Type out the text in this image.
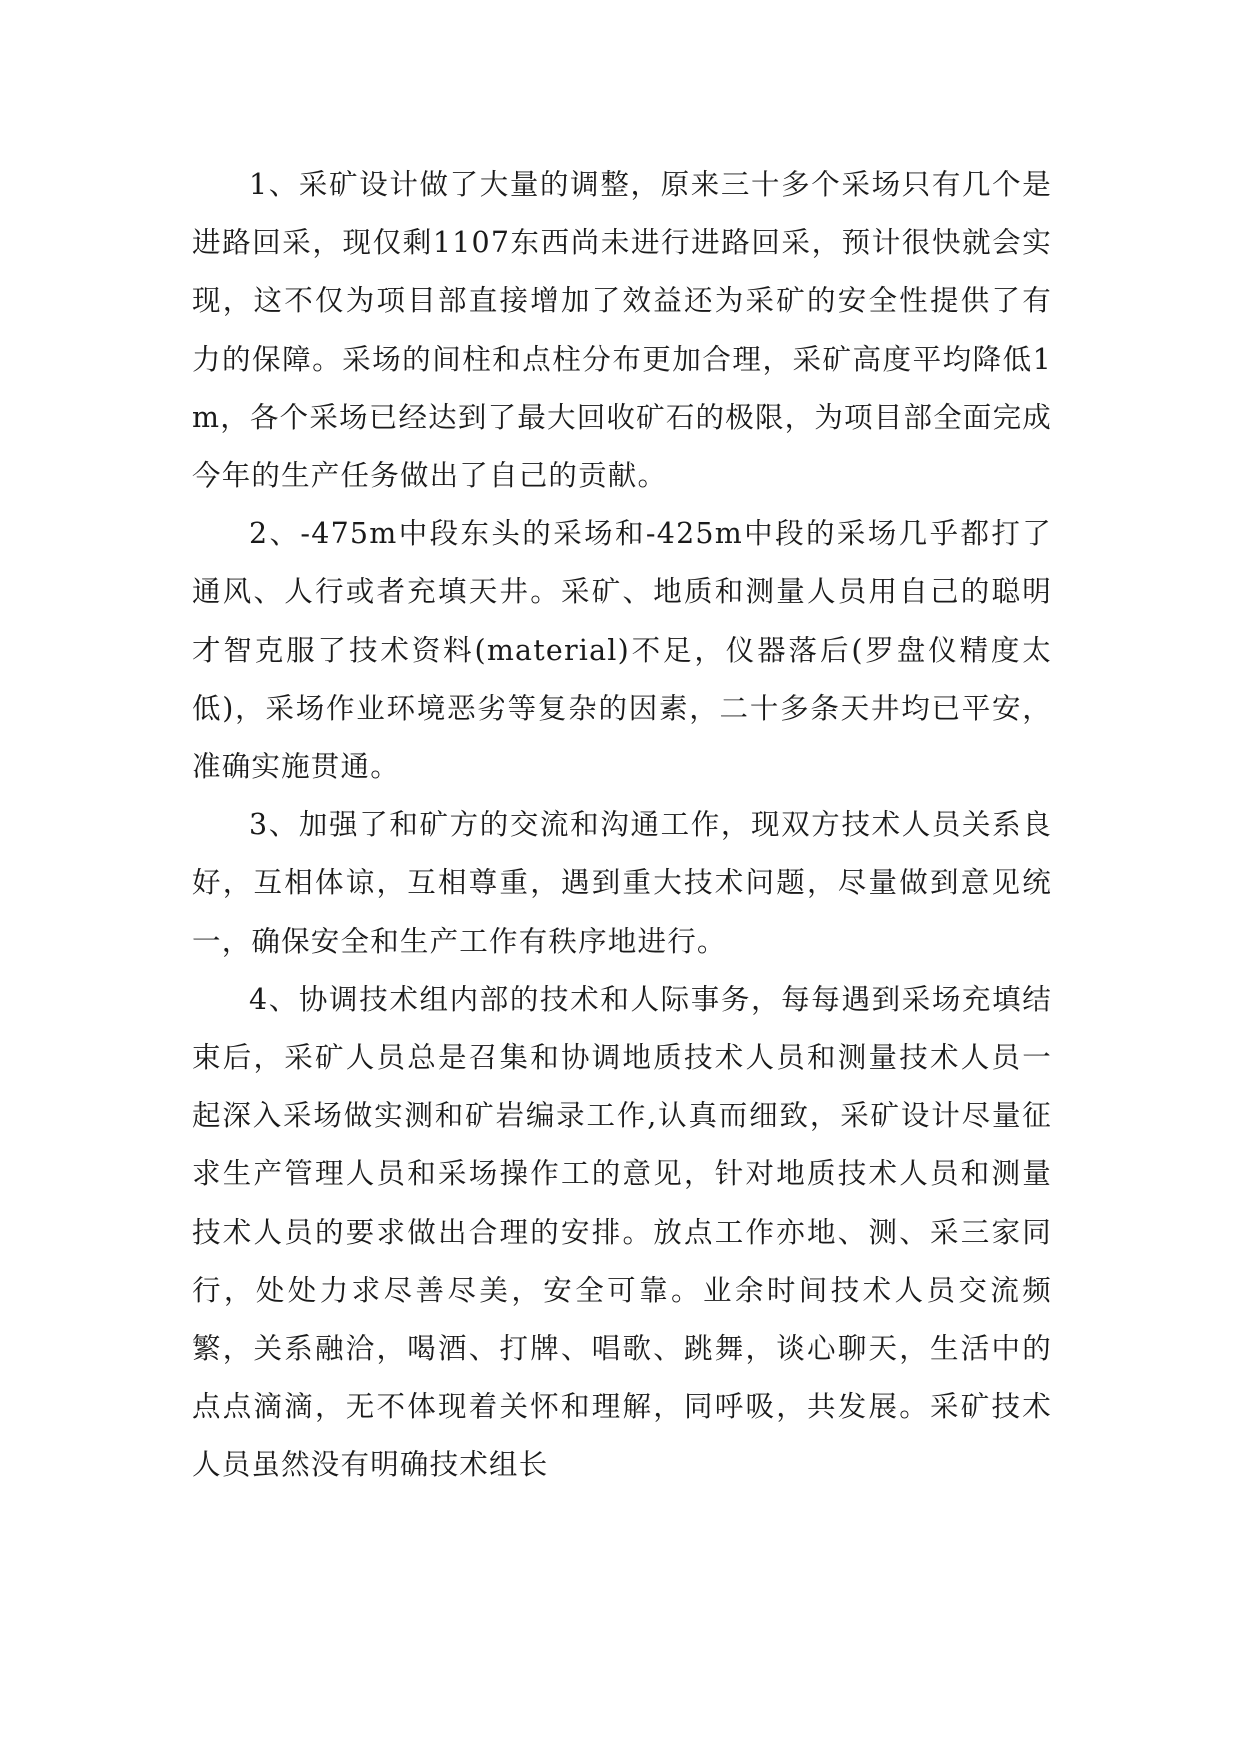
1、采矿设计做了大量的调整，原来三十多个采场只有几个是进路回采，现仅剩1107东西尚未进行进路回采，预计很快就会实现，这不仅为项目部直接增加了效益还为采矿的安全性提供了有力的保障。采场的间柱和点柱分布更加合理，采矿高度平均降低1m，各个采场已经达到了最大回收矿石的极限，为项目部全面完成今年的生产任务做出了自己的贡献。

2、-475m中段东头的采场和-425m中段的采场几乎都打了通风、人行或者充填天井。采矿、地质和测量人员用自己的聪明才智克服了技术资料(material)不足，仪器落后(罗盘仪精度太低)，采场作业环境恶劣等复杂的因素，二十多条天井均已平安，准确实施贯通。

3、加强了和矿方的交流和沟通工作，现双方技术人员关系良好，互相体谅，互相尊重，遇到重大技术问题，尽量做到意见统一，确保安全和生产工作有秩序地进行。

4、协调技术组内部的技术和人际事务，每每遇到采场充填结束后，采矿人员总是召集和协调地质技术人员和测量技术人员一起深入采场做实测和矿岩编录工作,认真而细致，采矿设计尽量征求生产管理人员和采场操作工的意见，针对地质技术人员和测量技术人员的要求做出合理的安排。放点工作亦地、测、采三家同行，处处力求尽善尽美，安全可靠。业余时间技术人员交流频繁，关系融洽，喝酒、打牌、唱歌、跳舞，谈心聊天，生活中的点点滴滴，无不体现着关怀和理解，同呼吸，共发展。采矿技术人员虽然没有明确技术组长
